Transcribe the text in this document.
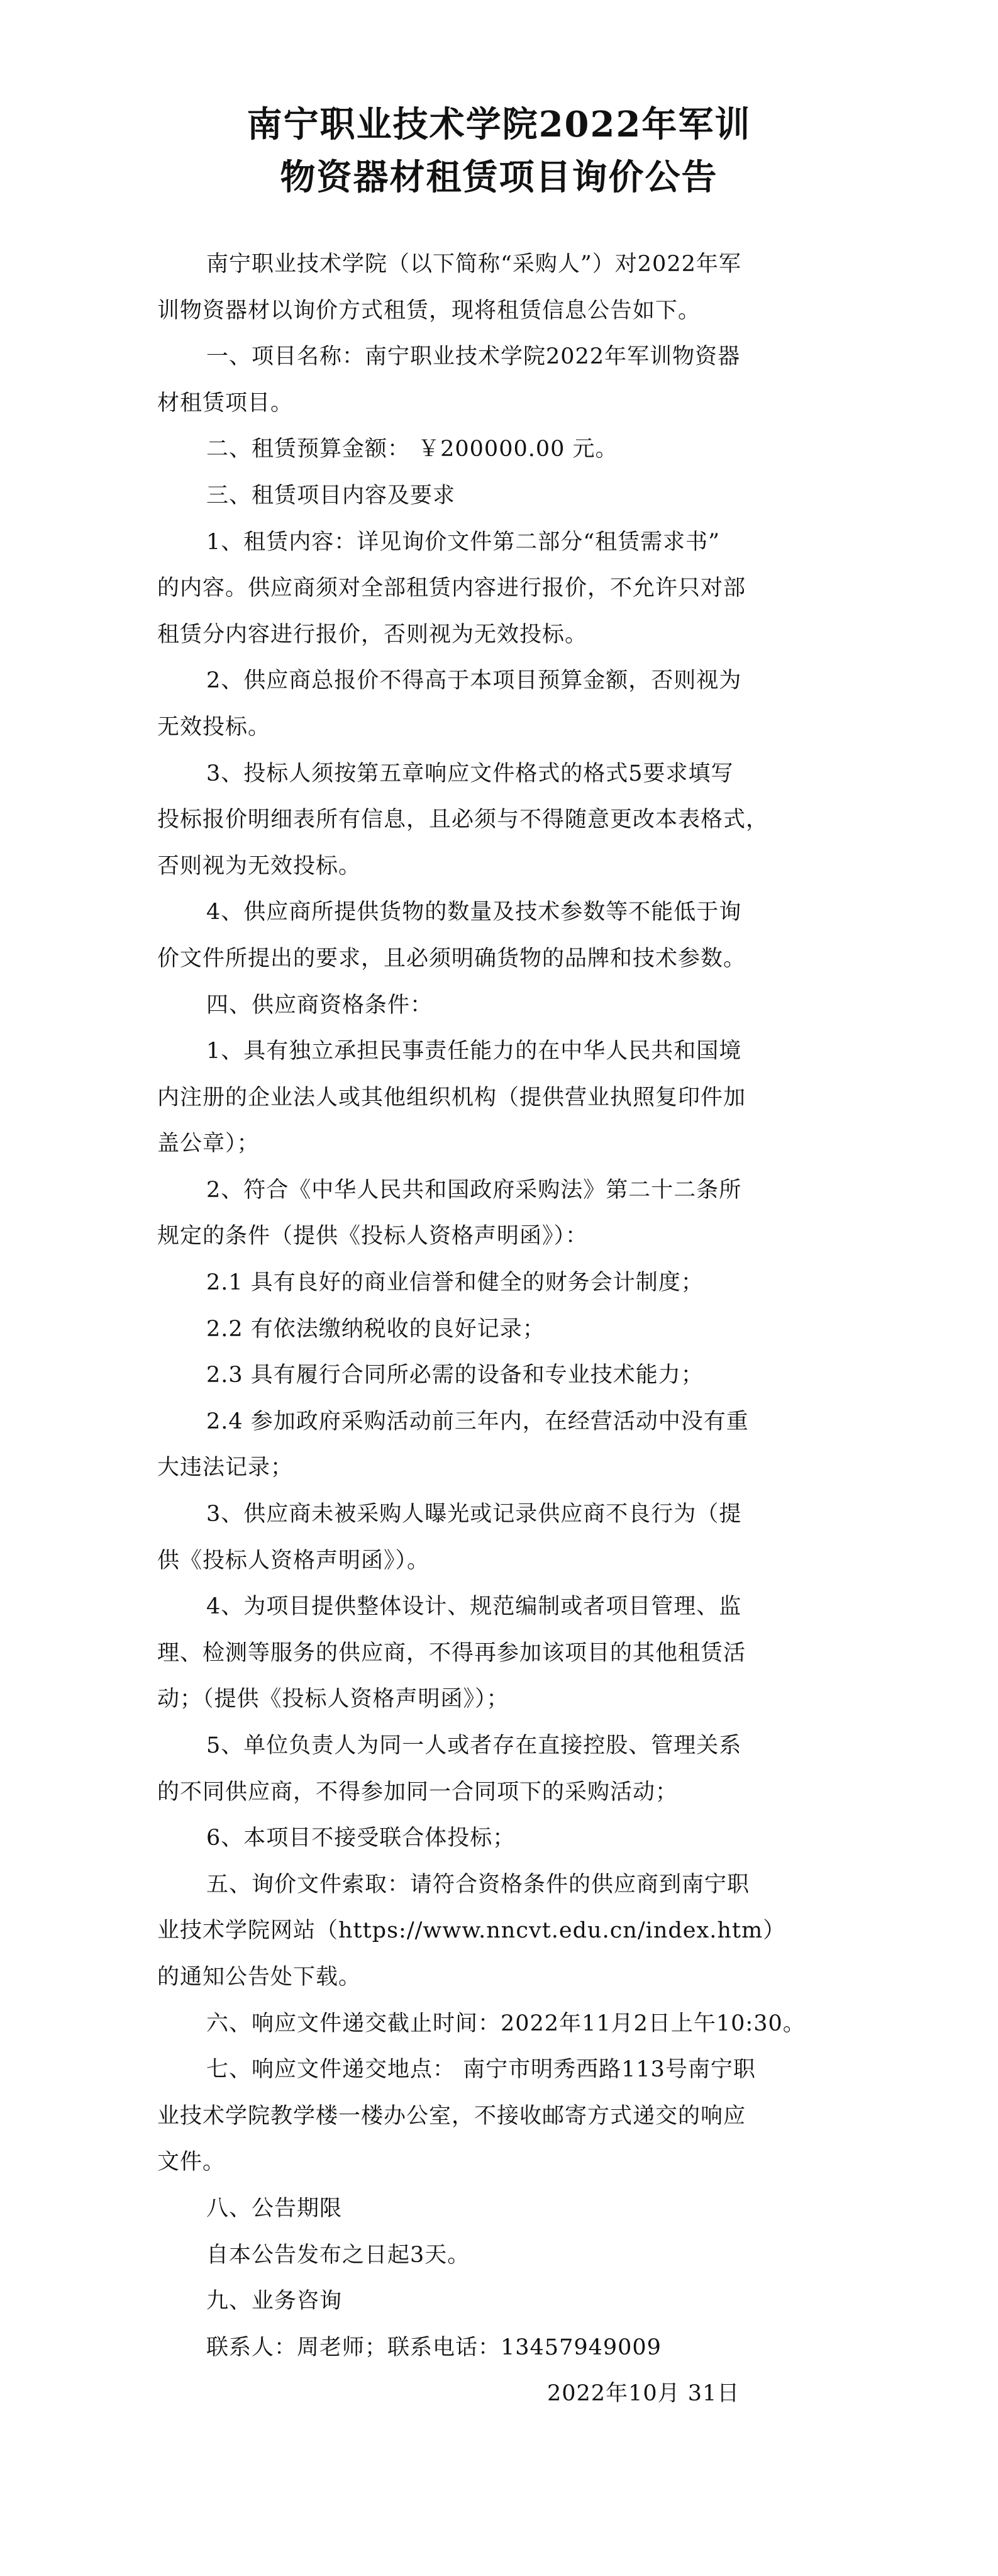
南宁职业技术学院2022年军训
物资器材租赁项目询价公告
南宁职业技术学院（以下简称“采购人”）对2022年军
训物资器材以询价方式租赁，现将租赁信息公告如下。
一、项目名称：南宁职业技术学院2022年军训物资器
材租赁项目。
二、租赁预算金额： ￥200000.00 元。
三、租赁项目内容及要求
1、租赁内容：详见询价文件第二部分“租赁需求书”
的内容。供应商须对全部租赁内容进行报价，不允许只对部
租赁分内容进行报价，否则视为无效投标。
2、供应商总报价不得高于本项目预算金额，否则视为
无效投标。
3、投标人须按第五章响应文件格式的格式5要求填写
投标报价明细表所有信息，且必须与不得随意更改本表格式，
否则视为无效投标。
4、供应商所提供货物的数量及技术参数等不能低于询
价文件所提出的要求，且必须明确货物的品牌和技术参数。
四、供应商资格条件：
1、具有独立承担民事责任能力的在中华人民共和国境
内注册的企业法人或其他组织机构（提供营业执照复印件加
盖公章）；
2、符合《中华人民共和国政府采购法》第二十二条所
规定的条件（提供《投标人资格声明函》）：
2.1 具有良好的商业信誉和健全的财务会计制度；
2.2 有依法缴纳税收的良好记录；
2.3 具有履行合同所必需的设备和专业技术能力；
2.4 参加政府采购活动前三年内，在经营活动中没有重
大违法记录；
3、供应商未被采购人曝光或记录供应商不良行为（提
供《投标人资格声明函》）。
4、为项目提供整体设计、规范编制或者项目管理、监
理、检测等服务的供应商，不得再参加该项目的其他租赁活
动；（提供《投标人资格声明函》）；
5、单位负责人为同一人或者存在直接控股、管理关系
的不同供应商，不得参加同一合同项下的采购活动；
6、本项目不接受联合体投标；
五、询价文件索取：请符合资格条件的供应商到南宁职
业技术学院网站（https://www.nncvt.edu.cn/index.htm）
的通知公告处下载。
六、响应文件递交截止时间：2022年11月2日上午10:30。
七、响应文件递交地点： 南宁市明秀西路113号南宁职
业技术学院教学楼一楼办公室，不接收邮寄方式递交的响应
文件。
八、公告期限
自本公告发布之日起3天。
九、业务咨询
联系人：周老师；联系电话：13457949009
2022年10月 31日
